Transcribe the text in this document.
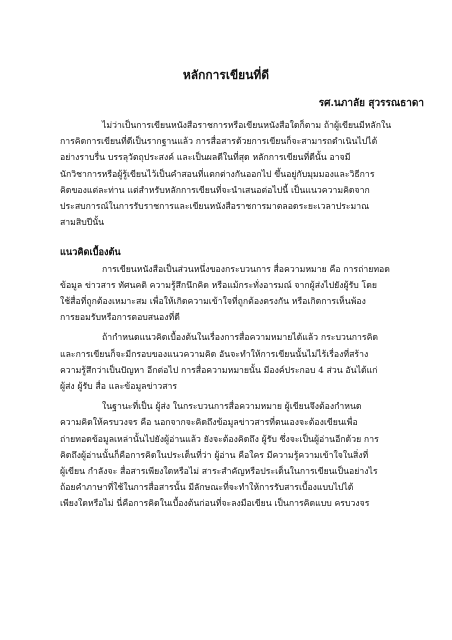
หลักการเขียนที่ดี
รศ.นภาลัย สุวรรณธาดา
ไม่ว่าเป็นการเขียนหนังสือราชการหรือเขียนหนังสือใดก็ตาม ถ้าผู้เขียนมีหลักใน
การคิดการเขียนที่ดีเป็นรากฐานแล้ว การสื่อสารด้วยการเขียนก็จะสามารถดำเนินไปได้
อย่างราบรื่น บรรลุวัตถุประสงค์ และเป็นผลดีในที่สุด หลักการเขียนที่ดีนั้น อาจมี
นักวิชาการหรือผู้รู้เขียนไว้เป็นคำสอนที่แตกต่างกันออกไป ขึ้นอยู่กับมุมมองและวิธีการ
คิดของแต่ละท่าน แต่สำหรับหลักการเขียนที่จะนำเสนอต่อไปนี้ เป็นแนวความคิดจาก
ประสบการณ์ในการรับราชการและเขียนหนังสือราชการมาตลอดระยะเวลาประมาณ
สามสิบปีนั้น
แนวคิดเบื้องต้น
การเขียนหนังสือเป็นส่วนหนึ่งของกระบวนการ สื่อความหมาย คือ การถ่ายทอด
ข้อมูล ข่าวสาร ทัศนคติ ความรู้สึกนึกคิด หรือแม้กระทั่งอารมณ์ จากผู้ส่งไปยังผู้รับ โดย
ใช้สื่อที่ถูกต้องเหมาะสม เพื่อให้เกิดความเข้าใจที่ถูกต้องตรงกัน หรือเกิดการเห็นพ้อง
การยอมรับหรือการตอบสนองที่ดี
ถ้ากำหนดแนวคิดเบื้องต้นในเรื่องการสื่อความหมายได้แล้ว กระบวนการคิด
และการเขียนก็จะมีกรอบของแนวความคิด อันจะทำให้การเขียนนั้นไม่ไร้เรื่องที่สร้าง
ความรู้สึกว่าเป็นปัญหา อีกต่อไป การสื่อความหมายนั้น มีองค์ประกอบ 4 ส่วน อันได้แก่
ผู้ส่ง ผู้รับ สื่อ และข้อมูลข่าวสาร
ในฐานะที่เป็น ผู้ส่ง ในกระบวนการสื่อความหมาย ผู้เขียนจึงต้องกำหนด
ความคิดให้ครบวงจร คือ นอกจากจะคิดถึงข้อมูลข่าวสารที่ตนเองจะต้องเขียนเพื่อ
ถ่ายทอดข้อมูลเหล่านั้นไปยังผู้อ่านแล้ว ยังจะต้องคิดถึง ผู้รับ ซึ่งจะเป็นผู้อ่านอีกด้วย การ
คิดถึงผู้อ่านนั้นก็คือการคิดในประเด็นที่ว่า ผู้อ่าน คือใคร มีความรู้ความเข้าใจในสิ่งที่
ผู้เขียน กำลังจะ สื่อสารเพียงใดหรือไม่ สาระสำคัญหรือประเด็นในการเขียนเป็นอย่างไร
ถ้อยคำภาษาที่ใช้ในการสื่อสารนั้น มีลักษณะที่จะทำให้การรับสารเบื้องแบบไปได้
เพียงใดหรือไม่ นี่คือการคิดในเบื้องต้นก่อนที่จะลงมือเขียน เป็นการคิดแบบ ครบวงจร
